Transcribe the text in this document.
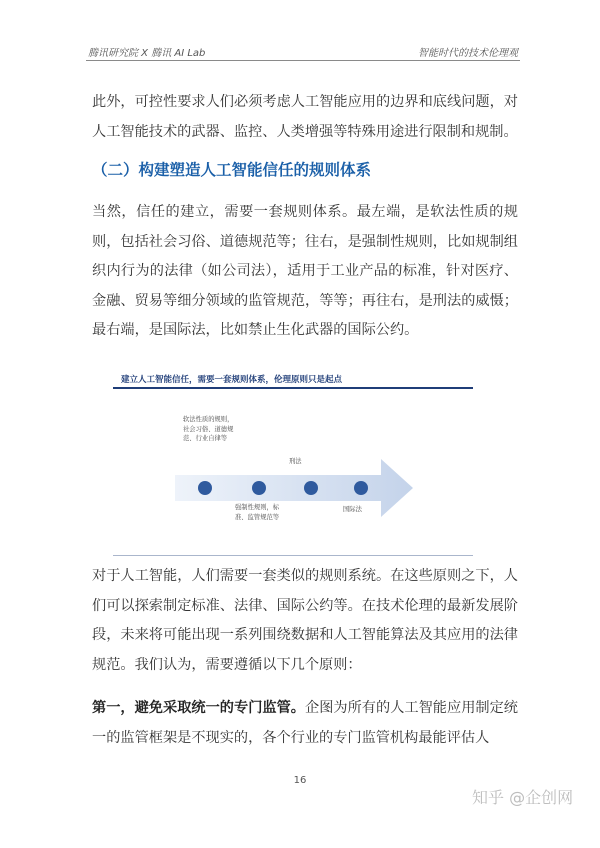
腾讯研究院 X 腾讯 AI Lab	智能时代的技术伦理观

此外，可控性要求人们必须考虑人工智能应用的边界和底线问题，对人工智能技术的武器、监控、人类增强等特殊用途进行限制和规制。

（二）构建塑造人工智能信任的规则体系

当然，信任的建立，需要一套规则体系。最左端，是软法性质的规则，包括社会习俗、道德规范等；往右，是强制性规则，比如规制组织内行为的法律（如公司法），适用于工业产品的标准，针对医疗、金融、贸易等细分领域的监管规范，等等；再往右，是刑法的威慑；最右端，是国际法，比如禁止生化武器的国际公约。

建立人工智能信任，需要一套规则体系，伦理原则只是起点
软法性质的规则，社会习俗、道德规范、行业自律等
刑法
强制性规则，标准、监管规范等
国际法

对于人工智能，人们需要一套类似的规则系统。在这些原则之下，人们可以探索制定标准、法律、国际公约等。在技术伦理的最新发展阶段，未来将可能出现一系列围绕数据和人工智能算法及其应用的法律规范。我们认为，需要遵循以下几个原则：

第一，避免采取统一的专门监管。企图为所有的人工智能应用制定统一的监管框架是不现实的，各个行业的专门监管机构最能评估人

16
知乎 @企创网
